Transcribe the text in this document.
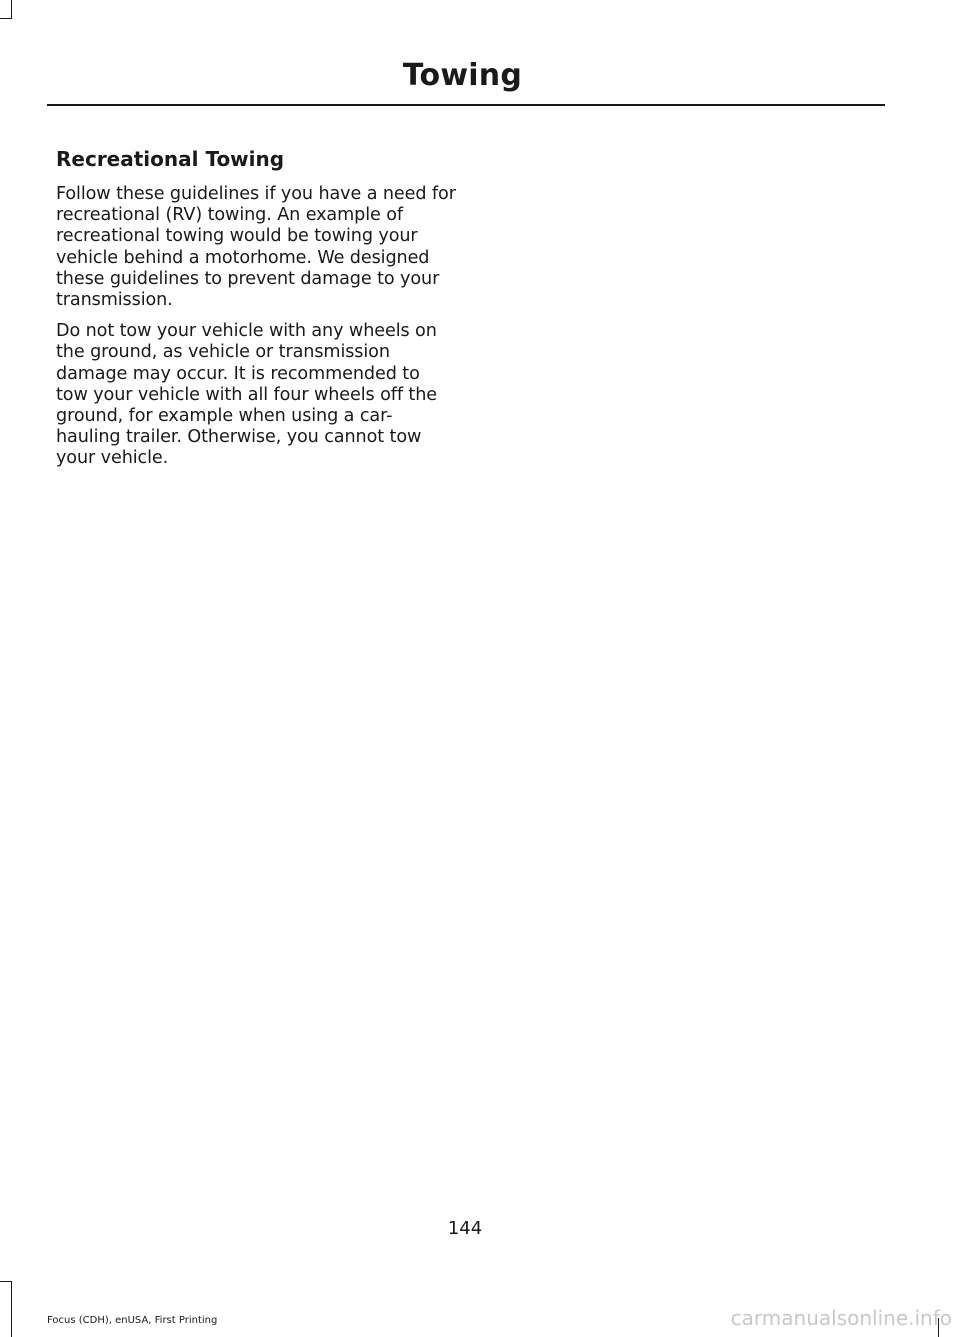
Towing
Recreational Towing

Follow these guidelines if you have a need for recreational (RV) towing. An example of recreational towing would be towing your vehicle behind a motorhome. We designed these guidelines to prevent damage to your transmission.

Do not tow your vehicle with any wheels on the ground, as vehicle or transmission damage may occur. It is recommended to tow your vehicle with all four wheels off the ground, for example when using a car-hauling trailer. Otherwise, you cannot tow your vehicle.

144

Focus (CDH), enUSA, First Printing	carmanualsonline.info
